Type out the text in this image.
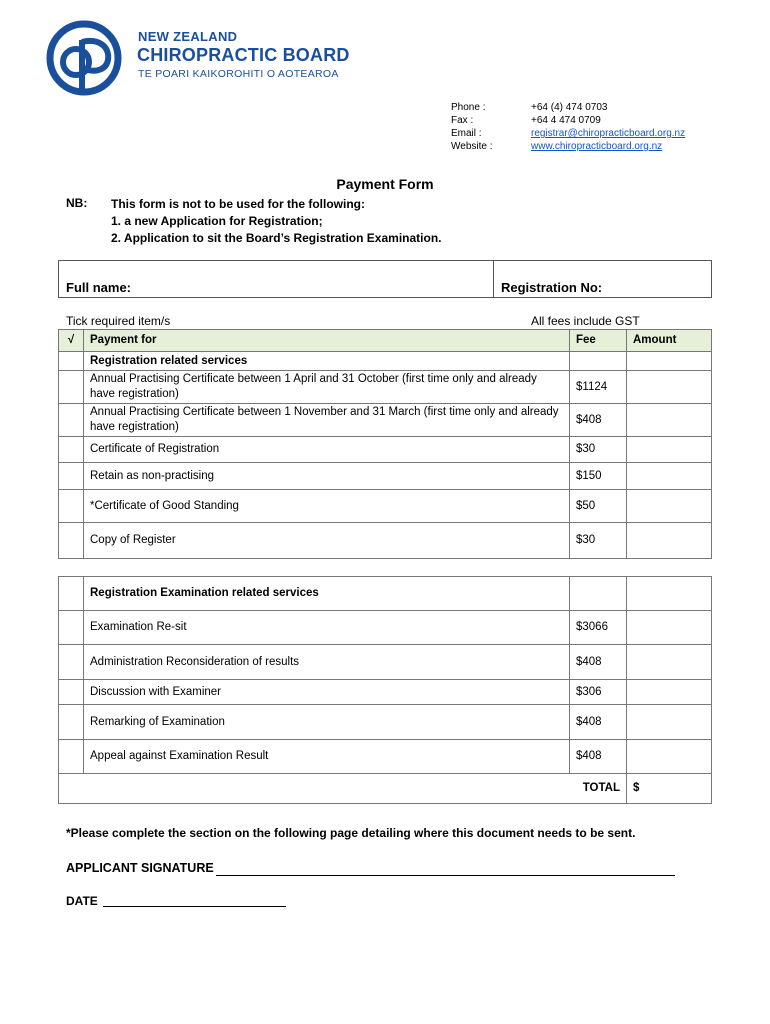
NEW ZEALAND
CHIROPRACTIC BOARD
TE POARI KAIKOROHITI O AOTEAROA
Phone :	+64 (4) 474 0703
Fax :	+64 4 474 0709
Email :	registrar@chiropracticboard.org.nz
Website :	www.chiropracticboard.org.nz
Payment Form
NB: This form is not to be used for the following:
1. a new Application for Registration;
2. Application to sit the Board’s Registration Examination.
Full name:	Registration No:
Tick required item/s	All fees include GST
√	Payment for	Fee	Amount
	Registration related services		
	Annual Practising Certificate between 1 April and 31 October (first time only and already have registration)	$1124	
	Annual Practising Certificate between 1 November and 31 March (first time only and already have registration)	$408	
	Certificate of Registration	$30	
	Retain as non-practising	$150	
	*Certificate of Good Standing	$50	
	Copy of Register	$30	
	Registration Examination related services		
	Examination Re-sit	$3066	
	Administration Reconsideration of results	$408	
	Discussion with Examiner	$306	
	Remarking of Examination	$408	
	Appeal against Examination Result	$408	
TOTAL			$
*Please complete the section on the following page detailing where this document needs to be sent.
APPLICANT SIGNATURE
DATE
